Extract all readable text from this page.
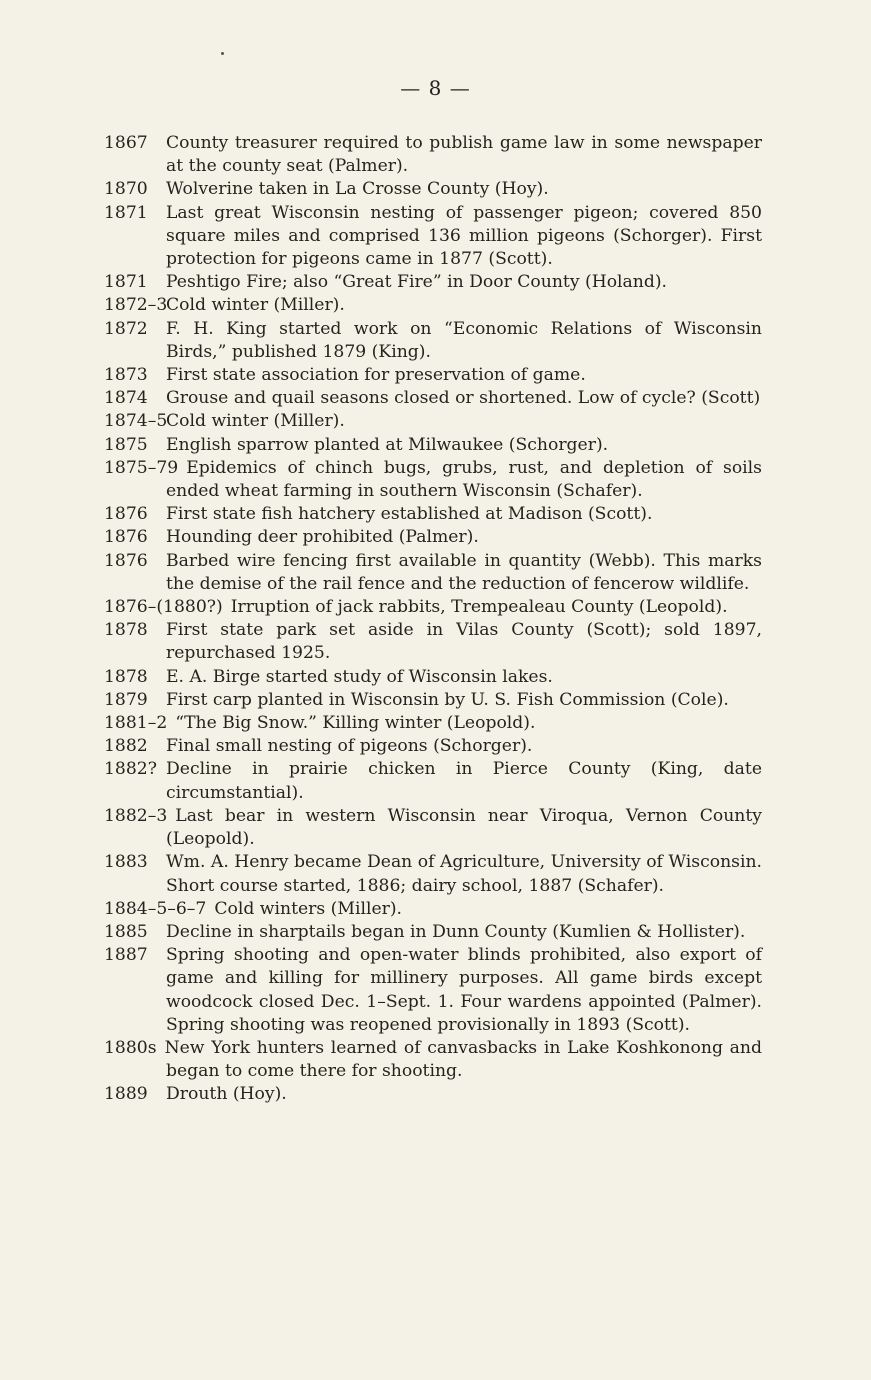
— 8 —

1867 County treasurer required to publish game law in some newspaper at the county seat (Palmer).

1870 Wolverine taken in La Crosse County (Hoy).

1871 Last great Wisconsin nesting of passenger pigeon; covered 850 square miles and comprised 136 million pigeons (Schorger). First protection for pigeons came in 1877 (Scott).

1871 Peshtigo Fire; also “Great Fire” in Door County (Holand).

1872–3
Cold winter (Miller).

1872 F. H. King started work on “Economic Relations of Wisconsin Birds,” published 1879 (King).

1873 First state association for preservation of game.

1874 Grouse and quail seasons closed or shortened. Low of cycle? (Scott)

1874–5
Cold winter (Miller).

1875 English sparrow planted at Milwaukee (Schorger).

1875–79 Epidemics of chinch bugs, grubs, rust, and depletion of soils ended wheat farming in southern Wisconsin (Schafer).

1876 First state fish hatchery established at Madison (Scott).

1876 Hounding deer prohibited (Palmer).

1876 Barbed wire fencing first available in quantity (Webb). This marks the demise of the rail fence and the reduction of fencerow wildlife.

1876–(1880?) Irruption of jack rabbits, Trempealeau County (Leopold).

1878 First state park set aside in Vilas County (Scott); sold 1897, repurchased 1925.

1878 E. A. Birge started study of Wisconsin lakes.

1879 First carp planted in Wisconsin by U. S. Fish Commission (Cole).

1881–2 “The Big Snow.” Killing winter (Leopold).

1882 Final small nesting of pigeons (Schorger).

1882? Decline in prairie chicken in Pierce County (King, date circumstantial).

1882–3 Last bear in western Wisconsin near Viroqua, Vernon County (Leopold).

1883 Wm. A. Henry became Dean of Agriculture, University of Wisconsin. Short course started, 1886; dairy school, 1887 (Schafer).

1884–5–6–7 Cold winters (Miller).

1885 Decline in sharptails began in Dunn County (Kumlien & Hollister).

1887 Spring shooting and open-water blinds prohibited, also export of game and killing for millinery purposes. All game birds except woodcock closed Dec. 1–Sept. 1. Four wardens appointed (Palmer). Spring shooting was reopened provisionally in 1893 (Scott).

1880s New York hunters learned of canvasbacks in Lake Koshkonong and began to come there for shooting.

1889 Drouth (Hoy).
